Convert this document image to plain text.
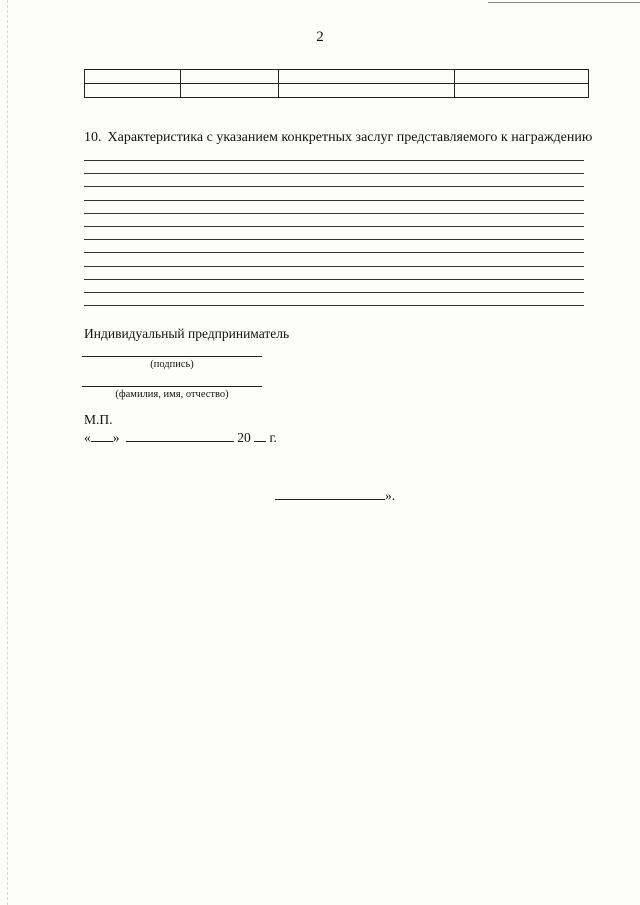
2

10. Характеристика с указанием конкретных заслуг представляемого к награждению
Индивидуальный предприниматель
(подпись)
(фамилия, имя, отчество)
М.П.
« »	20 г.
».
